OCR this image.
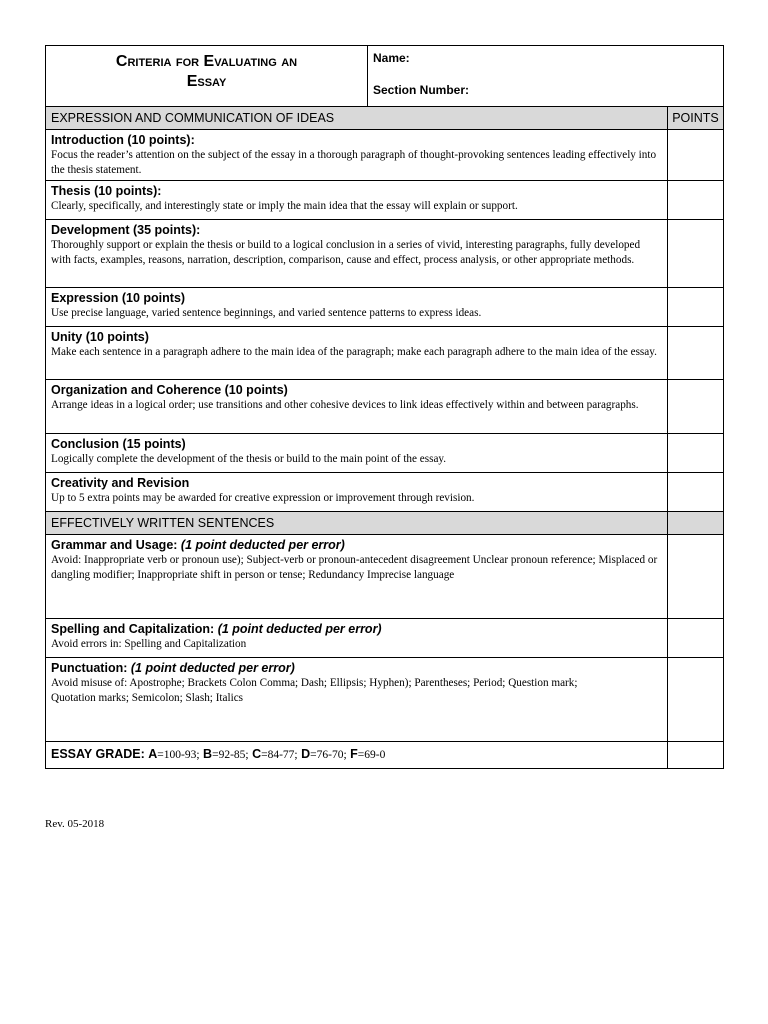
Criteria for Evaluating an
Essay	Name:
Section Number:	

EXPRESSION AND COMMUNICATION OF IDEAS		POINTS

Introduction (10 points):
Focus the reader’s attention on the subject of the essay in a thorough paragraph of thought-provoking sentences leading effectively into the thesis statement.		

Thesis (10 points):
Clearly, specifically, and interestingly state or imply the main idea that the essay will explain or support.		

Development (35 points):
Thoroughly support or explain the thesis or build to a logical conclusion in a series of vivid, interesting paragraphs, fully developed with facts, examples, reasons, narration, description, comparison, cause and effect, process analysis, or other appropriate methods.		

Expression (10 points)
Use precise language, varied sentence beginnings, and varied sentence patterns to express ideas.		

Unity (10 points)
Make each sentence in a paragraph adhere to the main idea of the paragraph; make each paragraph adhere to the main idea of the essay.		

Organization and Coherence (10 points)
Arrange ideas in a logical order; use transitions and other cohesive devices to link ideas effectively within and between paragraphs.		

Conclusion (15 points)
Logically complete the development of the thesis or build to the main point of the essay.		

Creativity and Revision
Up to 5 extra points may be awarded for creative expression or improvement through revision.		

EFFECTIVELY WRITTEN SENTENCES		

Grammar and Usage: (1 point deducted per error)
Avoid: Inappropriate verb or pronoun use); Subject-verb or pronoun-antecedent disagreement Unclear pronoun reference; Misplaced or dangling modifier; Inappropriate shift in person or tense; Redundancy Imprecise language		

Spelling and Capitalization: (1 point deducted per error)
Avoid errors in: Spelling and Capitalization		

Punctuation: (1 point deducted per error)
Avoid misuse of: Apostrophe; Brackets Colon Comma; Dash; Ellipsis; Hyphen); Parentheses; Period; Question mark;
Quotation marks; Semicolon; Slash; Italics		

ESSAY GRADE: A=100-93; B=92-85; C=84-77; D=76-70; F=69-0		
Rev. 05-2018
